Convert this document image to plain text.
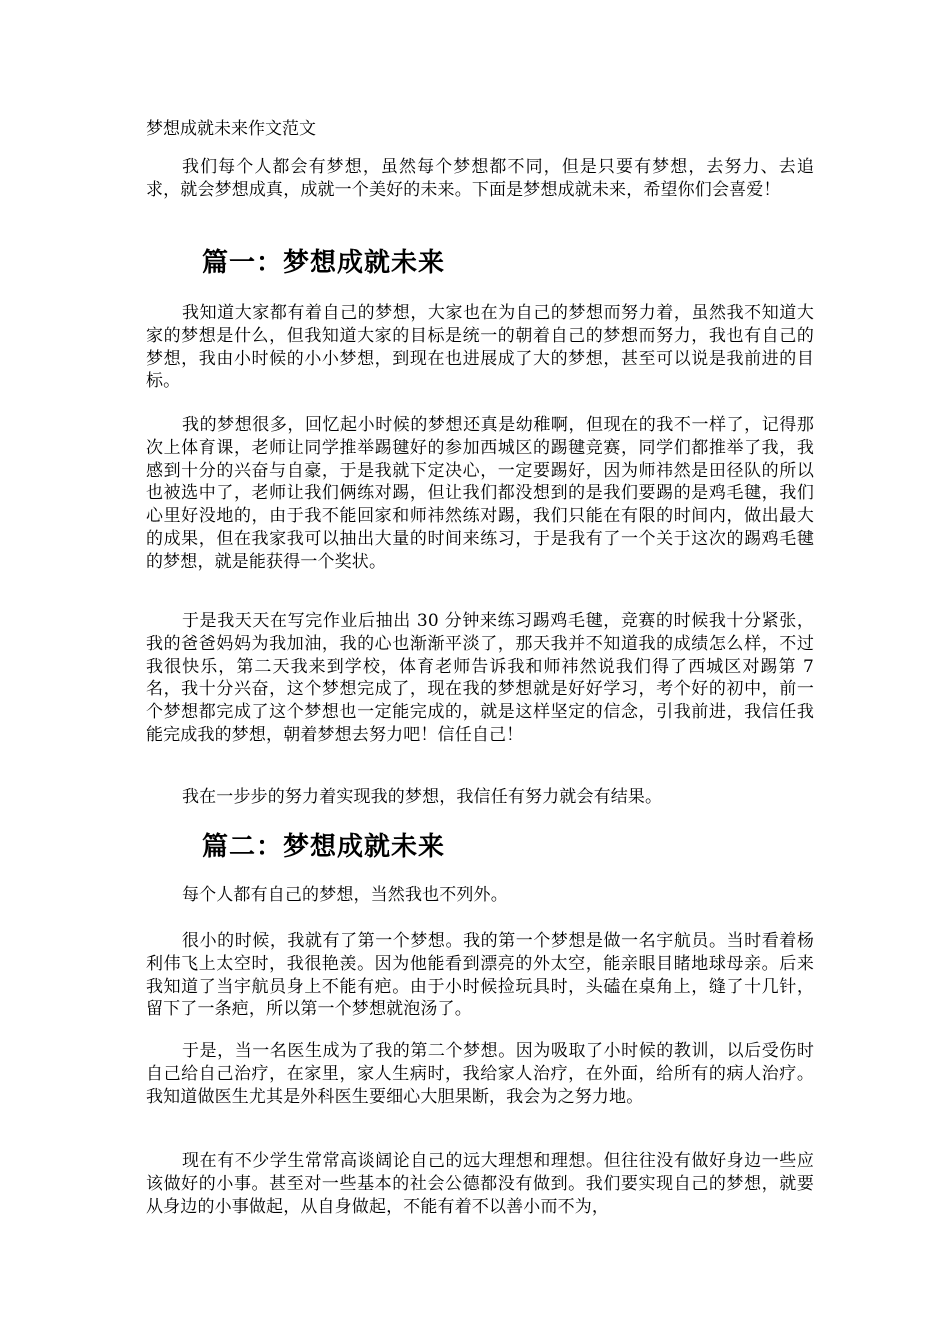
梦想成就未来作文范文

我们每个人都会有梦想，虽然每个梦想都不同，但是只要有梦想，去努力、去追求，就会梦想成真，成就一个美好的未来。下面是梦想成就未来，希望你们会喜爱！

篇一：梦想成就未来

我知道大家都有着自己的梦想，大家也在为自己的梦想而努力着，虽然我不知道大家的梦想是什么，但我知道大家的目标是统一的朝着自己的梦想而努力，我也有自己的梦想，我由小时候的小小梦想，到现在也进展成了大的梦想，甚至可以说是我前进的目标。

我的梦想很多，回忆起小时候的梦想还真是幼稚啊，但现在的我不一样了，记得那次上体育课，老师让同学推举踢毽好的参加西城区的踢毽竞赛，同学们都推举了我，我感到十分的兴奋与自豪，于是我就下定决心，一定要踢好，因为师祎然是田径队的所以也被选中了，老师让我们俩练对踢，但让我们都没想到的是我们要踢的是鸡毛毽，我们心里好没地的，由于我不能回家和师祎然练对踢，我们只能在有限的时间内，做出最大的成果，但在我家我可以抽出大量的时间来练习，于是我有了一个关于这次的踢鸡毛毽的梦想，就是能获得一个奖状。

于是我天天在写完作业后抽出 30 分钟来练习踢鸡毛毽，竞赛的时候我十分紧张，我的爸爸妈妈为我加油，我的心也渐渐平淡了，那天我并不知道我的成绩怎么样，不过我很快乐，第二天我来到学校，体育老师告诉我和师祎然说我们得了西城区对踢第 7 名，我十分兴奋，这个梦想完成了，现在我的梦想就是好好学习，考个好的初中，前一个梦想都完成了这个梦想也一定能完成的，就是这样坚定的信念，引我前进，我信任我能完成我的梦想，朝着梦想去努力吧！信任自己！

我在一步步的努力着实现我的梦想，我信任有努力就会有结果。

篇二：梦想成就未来

每个人都有自己的梦想，当然我也不列外。

很小的时候，我就有了第一个梦想。我的第一个梦想是做一名宇航员。当时看着杨利伟飞上太空时，我很艳羡。因为他能看到漂亮的外太空，能亲眼目睹地球母亲。后来我知道了当宇航员身上不能有疤。由于小时候捡玩具时，头磕在桌角上，缝了十几针，留下了一条疤，所以第一个梦想就泡汤了。

于是，当一名医生成为了我的第二个梦想。因为吸取了小时候的教训，以后受伤时自己给自己治疗，在家里，家人生病时，我给家人治疗，在外面，给所有的病人治疗。我知道做医生尤其是外科医生要细心大胆果断，我会为之努力地。

现在有不少学生常常高谈阔论自己的远大理想和理想。但往往没有做好身边一些应该做好的小事。甚至对一些基本的社会公德都没有做到。我们要实现自己的梦想，就要从身边的小事做起，从自身做起，不能有着不以善小而不为，
